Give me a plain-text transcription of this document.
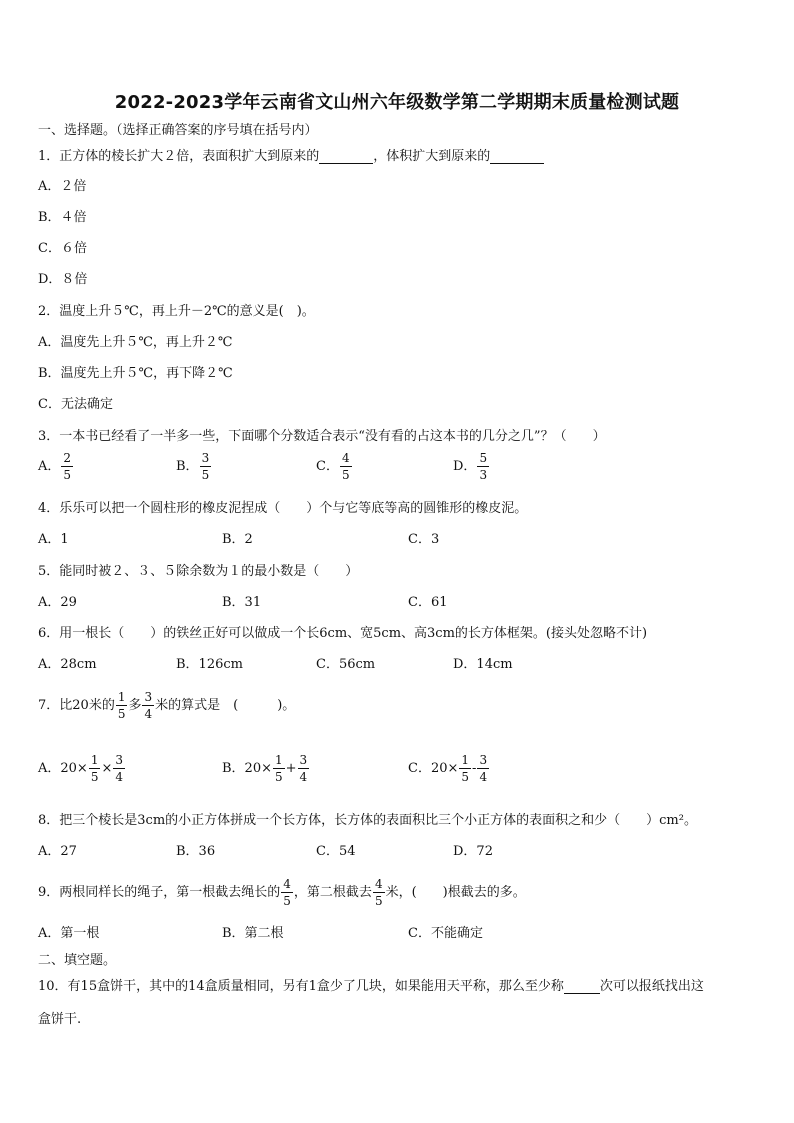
2022-2023学年云南省文山州六年级数学第二学期期末质量检测试题
一、选择题。（选择正确答案的序号填在括号内）
1．正方体的棱长扩大２倍，表面积扩大到原来的	，体积扩大到原来的
A．２倍
B．４倍
C．６倍
D．８倍
2．温度上升５℃，再上升－2℃的意义是(　)。
A．温度先上升５℃，再上升２℃
B．温度先上升５℃，再下降２℃
C．无法确定
3．一本书已经看了一半多一些，下面哪个分数适合表示“没有看的占这本书的几分之几”？（　　）
A． $\frac{2}{5}$	B． $\frac{3}{5}$	C． $\frac{4}{5}$	D． $\frac{5}{3}$
4．乐乐可以把一个圆柱形的橡皮泥捏成（　　）个与它等底等高的圆锥形的橡皮泥。
A．1	B．2	C．3
5．能同时被２、３、５除余数为１的最小数是（　　）
A．29	B．31	C．61
6．用一根长（　　）的铁丝正好可以做成一个长6cm、宽5cm、高3cm的长方体框架。(接头处忽略不计)
A．28cm	B．126cm	C．56cm	D．14cm
7．比20米的 $\frac{1}{5}$ 多 $\frac{3}{4}$ 米的算式是　(　　　)。
A．$20\times \frac{1}{5} \times \frac{3}{4}$	B．$20\times \frac{1}{5} + \frac{3}{4}$	C．$20\times \frac{1}{5} - \frac{3}{4}$
8．把三个棱长是3cm的小正方体拼成一个长方体，长方体的表面积比三个小正方体的表面积之和少（　　）cm²。
A．27	B．36	C．54	D．72
9．两根同样长的绳子，第一根截去绳长的 $\frac{4}{5}$ ，第二根截去 $\frac{4}{5}$ 米，(　　)根截去的多。
A．第一根	B．第二根	C．不能确定
二、填空题。
10．有15盒饼干，其中的14盒质量相同，另有1盒少了几块，如果能用天平称，那么至少称	次可以报纸找出这
盒饼干.
